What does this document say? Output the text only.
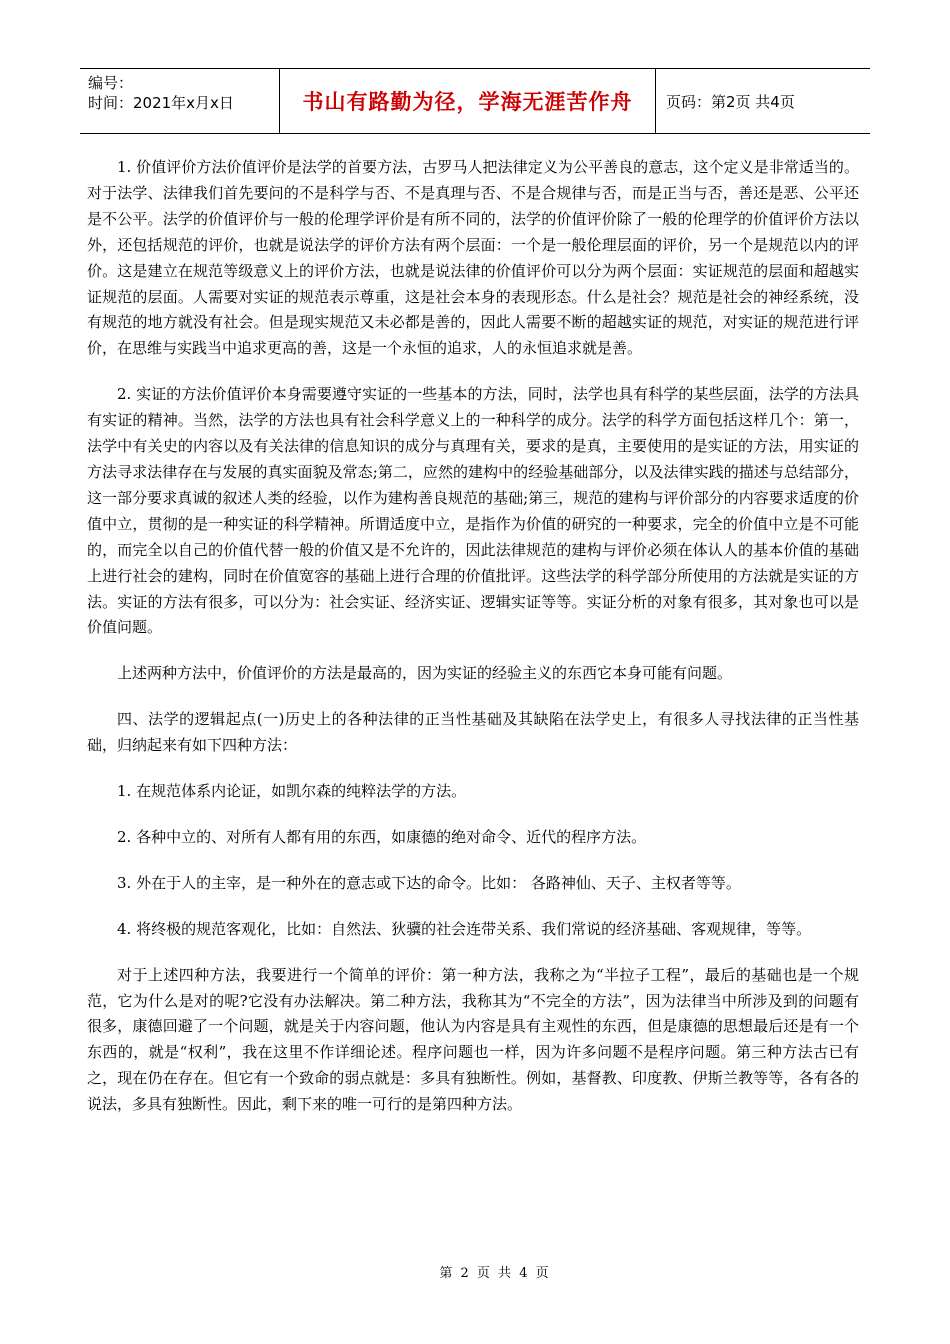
编号：
时间：2021年x月x日	书山有路勤为径，学海无涯苦作舟	页码：第2页 共4页

1. 价值评价方法价值评价是法学的首要方法，古罗马人把法律定义为公平善良的意志，这个定义是非常适当的。对于法学、法律我们首先要问的不是科学与否、不是真理与否、不是合规律与否，而是正当与否，善还是恶、公平还是不公平。法学的价值评价与一般的伦理学评价是有所不同的，法学的价值评价除了一般的伦理学的价值评价方法以外，还包括规范的评价，也就是说法学的评价方法有两个层面：一个是一般伦理层面的评价，另一个是规范以内的评价。这是建立在规范等级意义上的评价方法，也就是说法律的价值评价可以分为两个层面：实证规范的层面和超越实证规范的层面。人需要对实证的规范表示尊重，这是社会本身的表现形态。什么是社会？规范是社会的神经系统，没有规范的地方就没有社会。但是现实规范又未必都是善的，因此人需要不断的超越实证的规范，对实证的规范进行评价，在思维与实践当中追求更高的善，这是一个永恒的追求，人的永恒追求就是善。

2. 实证的方法价值评价本身需要遵守实证的一些基本的方法，同时，法学也具有科学的某些层面，法学的方法具有实证的精神。当然，法学的方法也具有社会科学意义上的一种科学的成分。法学的科学方面包括这样几个：第一，法学中有关史的内容以及有关法律的信息知识的成分与真理有关，要求的是真，主要使用的是实证的方法，用实证的方法寻求法律存在与发展的真实面貌及常态;第二，应然的建构中的经验基础部分，以及法律实践的描述与总结部分，这一部分要求真诚的叙述人类的经验，以作为建构善良规范的基础;第三，规范的建构与评价部分的内容要求适度的价值中立，贯彻的是一种实证的科学精神。所谓适度中立，是指作为价值的研究的一种要求，完全的价值中立是不可能的，而完全以自己的价值代替一般的价值又是不允许的，因此法律规范的建构与评价必须在体认人的基本价值的基础上进行社会的建构，同时在价值宽容的基础上进行合理的价值批评。这些法学的科学部分所使用的方法就是实证的方法。实证的方法有很多，可以分为：社会实证、经济实证、逻辑实证等等。实证分析的对象有很多，其对象也可以是价值问题。

上述两种方法中，价值评价的方法是最高的，因为实证的经验主义的东西它本身可能有问题。

四、法学的逻辑起点(一)历史上的各种法律的正当性基础及其缺陷在法学史上，有很多人寻找法律的正当性基础，归纳起来有如下四种方法：

1. 在规范体系内论证，如凯尔森的纯粹法学的方法。

2. 各种中立的、对所有人都有用的东西，如康德的绝对命令、近代的程序方法。

3. 外在于人的主宰，是一种外在的意志或下达的命令。比如： 各路神仙、天子、主权者等等。

4. 将终极的规范客观化，比如：自然法、狄骥的社会连带关系、我们常说的经济基础、客观规律，等等。

对于上述四种方法，我要进行一个简单的评价：第一种方法，我称之为“半拉子工程”，最后的基础也是一个规范，它为什么是对的呢?它没有办法解决。第二种方法，我称其为“不完全的方法”，因为法律当中所涉及到的问题有很多，康德回避了一个问题，就是关于内容问题，他认为内容是具有主观性的东西，但是康德的思想最后还是有一个东西的，就是“权利”，我在这里不作详细论述。程序问题也一样，因为许多问题不是程序问题。第三种方法古已有之，现在仍在存在。但它有一个致命的弱点就是：多具有独断性。例如，基督教、印度教、伊斯兰教等等，各有各的说法，多具有独断性。因此，剩下来的唯一可行的是第四种方法。

第 2 页 共 4 页
